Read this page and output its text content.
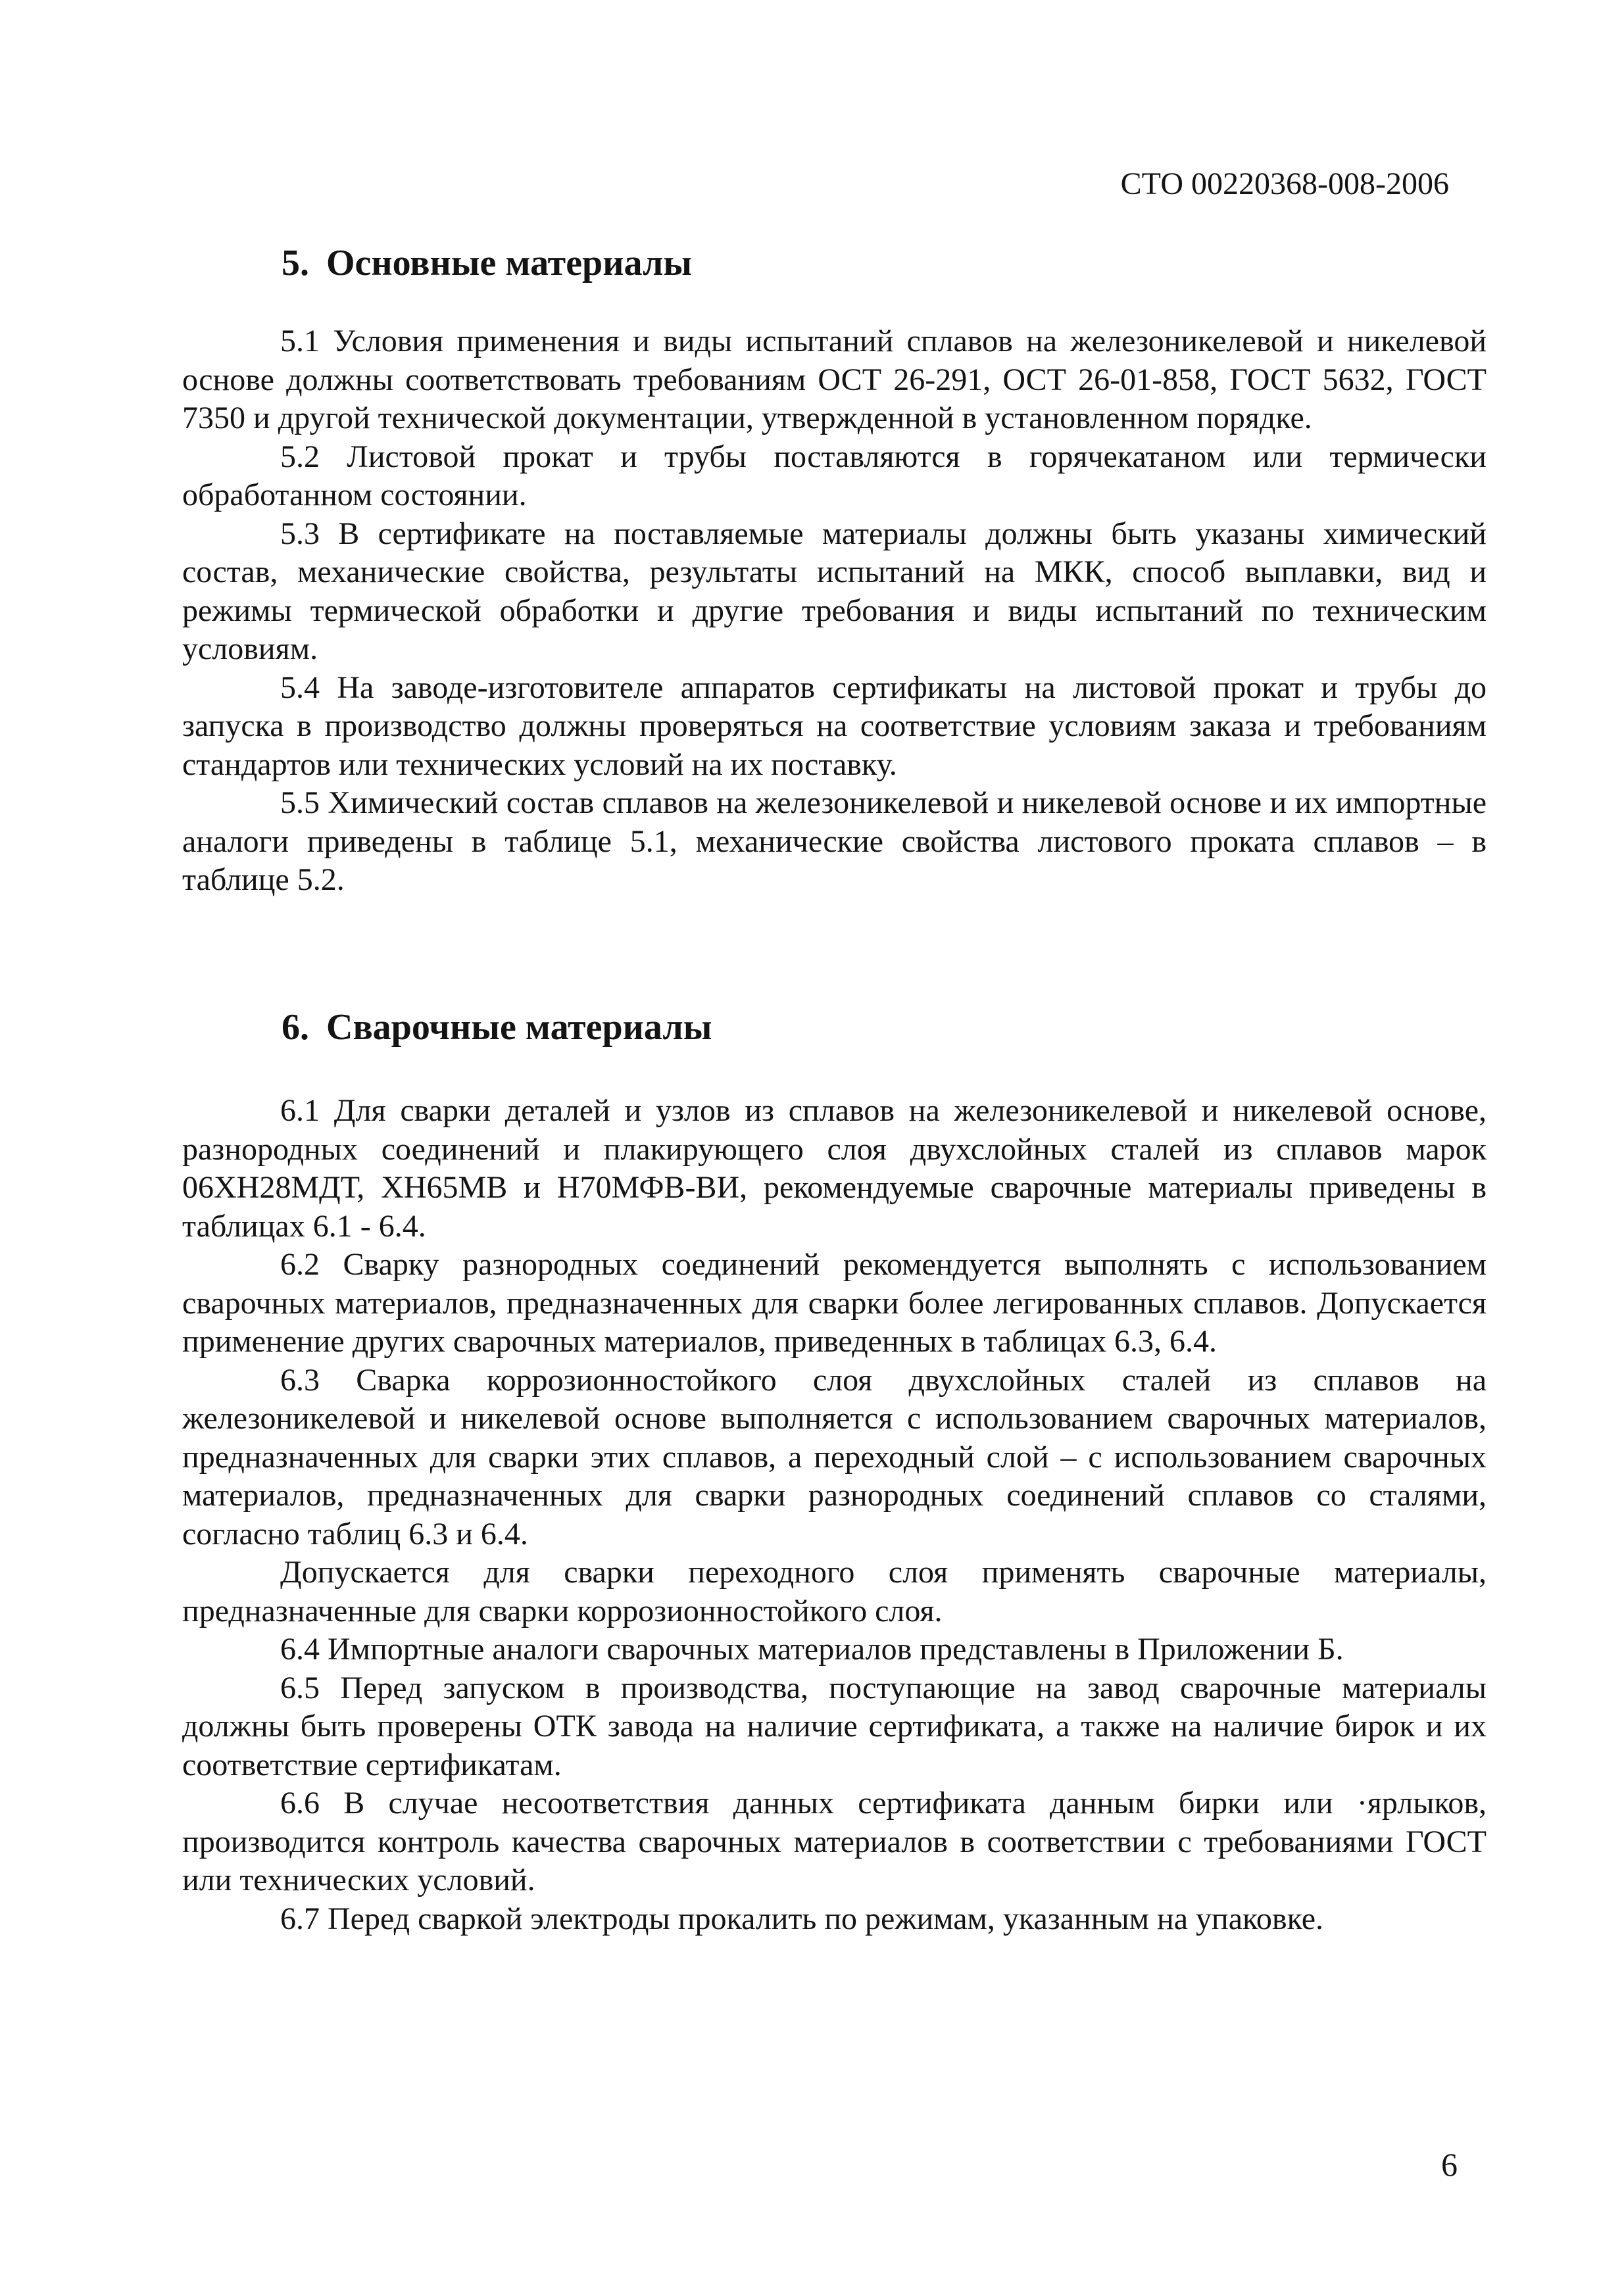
СТО 00220368-008-2006
5. Основные материалы

5.1 Условия применения и виды испытаний сплавов на железоникелевой и никелевой основе должны соответствовать требованиям ОСТ 26-291, ОСТ 26-01-858, ГОСТ 5632, ГОСТ 7350 и другой технической документации, утвержденной в установленном порядке.

5.2 Листовой прокат и трубы поставляются в горячекатаном или термически обработанном состоянии.

5.3 В сертификате на поставляемые материалы должны быть указаны химический состав, механические свойства, результаты испытаний на МКК, способ выплавки, вид и режимы термической обработки и другие требования и виды испытаний по техническим условиям.

5.4 На заводе-изготовителе аппаратов сертификаты на листовой прокат и трубы до запуска в производство должны проверяться на соответствие условиям заказа и требованиям стандартов или технических условий на их поставку.

5.5 Химический состав сплавов на железоникелевой и никелевой основе и их импортные аналоги приведены в таблице 5.1, механические свойства листового проката сплавов – в таблице 5.2.

6. Сварочные материалы

6.1 Для сварки деталей и узлов из сплавов на железоникелевой и никелевой основе, разнородных соединений и плакирующего слоя двухслойных сталей из сплавов марок 06ХН28МДТ, ХН65МВ и Н70МФВ-ВИ, рекомендуемые сварочные материалы приведены в таблицах 6.1 - 6.4.

6.2 Сварку разнородных соединений рекомендуется выполнять с использованием сварочных материалов, предназначенных для сварки более легированных сплавов. Допускается применение других сварочных материалов, приведенных в таблицах 6.3, 6.4.

6.3 Сварка коррозионностойкого слоя двухслойных сталей из сплавов на железоникелевой и никелевой основе выполняется с использованием сварочных материалов, предназначенных для сварки этих сплавов, а переходный слой – с использованием сварочных материалов, предназначенных для сварки разнородных соединений сплавов со сталями, согласно таблиц 6.3 и 6.4.

Допускается для сварки переходного слоя применять сварочные материалы, предназначенные для сварки коррозионностойкого слоя.

6.4 Импортные аналоги сварочных материалов представлены в Приложении Б.

6.5 Перед запуском в производства, поступающие на завод сварочные материалы должны быть проверены ОТК завода на наличие сертификата, а также на наличие бирок и их соответствие сертификатам.

6.6 В случае несоответствия данных сертификата данным бирки или ·ярлыков, производится контроль качества сварочных материалов в соответствии с требованиями ГОСТ или технических условий.

6.7 Перед сваркой электроды прокалить по режимам, указанным на упаковке.

6
